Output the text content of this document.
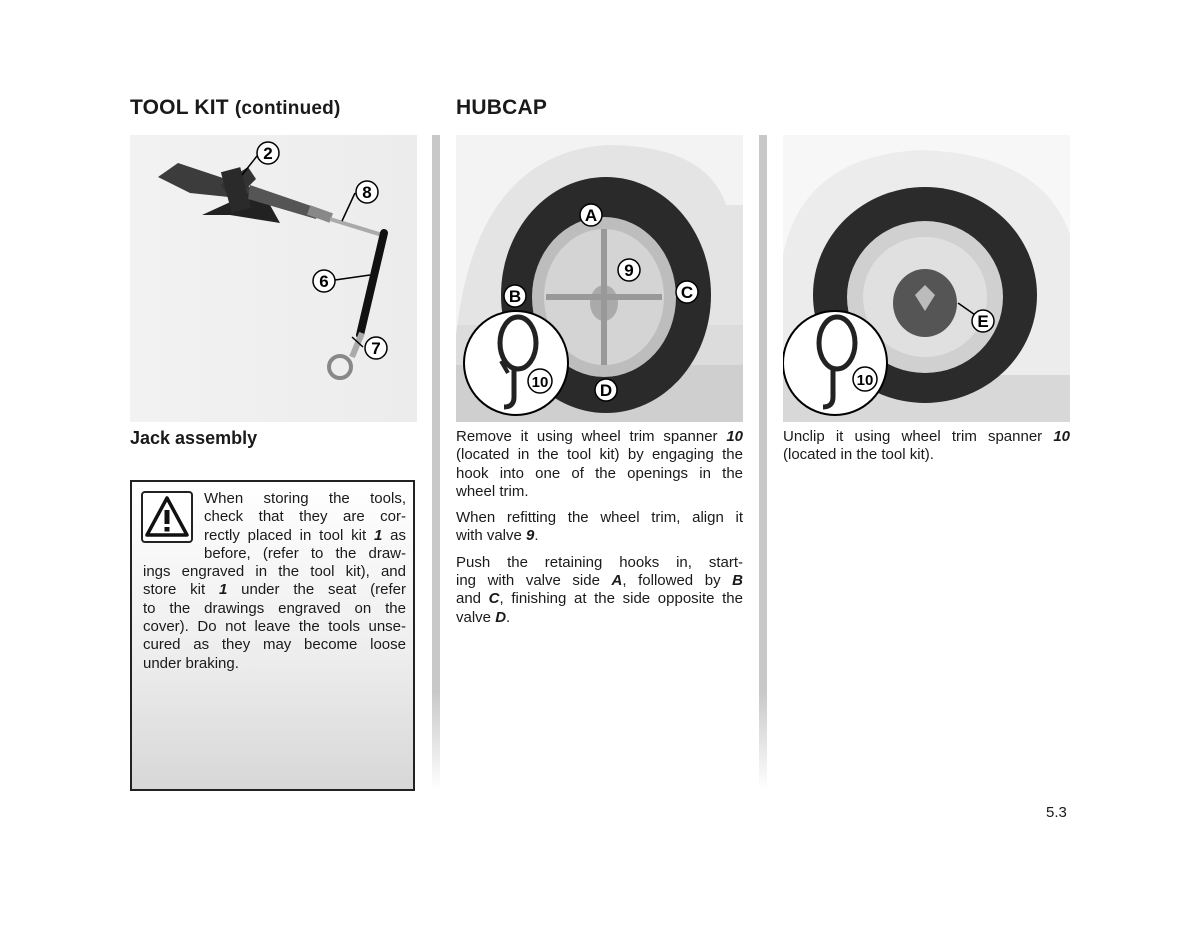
TOOL KIT (continued)	HUBCAP
2
8
6
7
Jack assembly
When storing the tools,
check that they are cor-
rectly placed in tool kit 1 as
before, (refer to the draw-
ings engraved in the tool kit), and
store kit 1 under the seat (refer
to the drawings engraved on the
cover). Do not leave the tools unse-
cured as they may become loose
under braking.
A
9
B	C
D
10
E
10

Remove it using wheel trim spanner 10
(located in the tool kit) by engaging the
hook into one of the openings in the
wheel trim.

When refitting the wheel trim, align it
with valve 9.

Push the retaining hooks in, start-
ing with valve side A, followed by B
and C, finishing at the side opposite the
valve D.

Unclip it using wheel trim spanner 10
(located in the tool kit).

5.3
